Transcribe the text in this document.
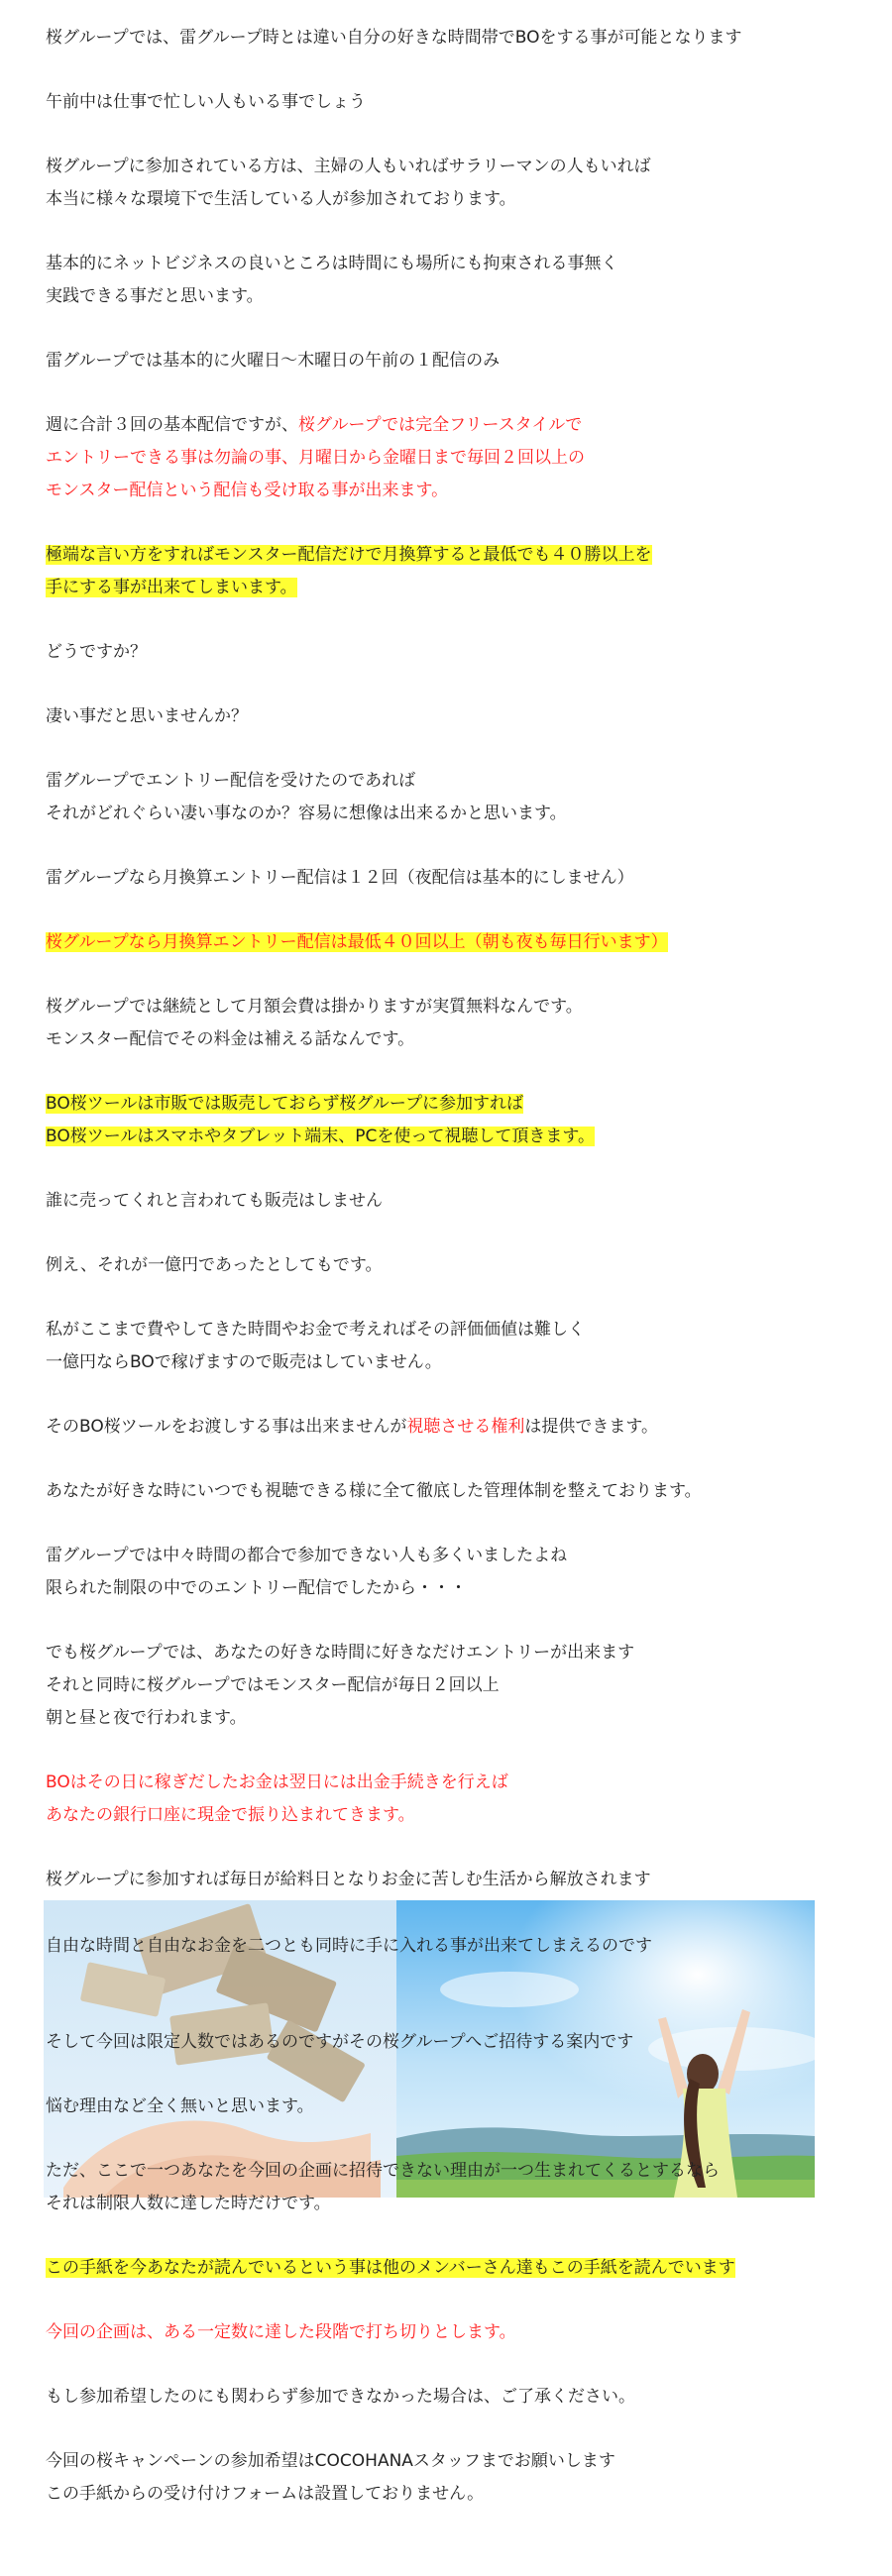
桜グループでは、雷グループ時とは違い自分の好きな時間帯でBOをする事が可能となります

午前中は仕事で忙しい人もいる事でしょう

桜グループに参加されている方は、主婦の人もいればサラリーマンの人もいれば
本当に様々な環境下で生活している人が参加されております。

基本的にネットビジネスの良いところは時間にも場所にも拘束される事無く
実践できる事だと思います。

雷グループでは基本的に火曜日〜木曜日の午前の１配信のみ

週に合計３回の基本配信ですが、桜グループでは完全フリースタイルで
エントリーできる事は勿論の事、月曜日から金曜日まで毎回２回以上の
モンスター配信という配信も受け取る事が出来ます。

極端な言い方をすればモンスター配信だけで月換算すると最低でも４０勝以上を
手にする事が出来てしまいます。

どうですか？

凄い事だと思いませんか？

雷グループでエントリー配信を受けたのであれば
それがどれぐらい凄い事なのか？容易に想像は出来るかと思います。

雷グループなら月換算エントリー配信は１２回（夜配信は基本的にしません）

桜グループなら月換算エントリー配信は最低４０回以上（朝も夜も毎日行います）

桜グループでは継続として月額会費は掛かりますが実質無料なんです。
モンスター配信でその料金は補える話なんです。

BO桜ツールは市販では販売しておらず桜グループに参加すれば
BO桜ツールはスマホやタブレット端末、PCを使って視聴して頂きます。

誰に売ってくれと言われても販売はしません

例え、それが一億円であったとしてもです。

私がここまで費やしてきた時間やお金で考えればその評価価値は難しく
一億円ならBOで稼げますので販売はしていません。

そのBO桜ツールをお渡しする事は出来ませんが視聴させる権利は提供できます。

あなたが好きな時にいつでも視聴できる様に全て徹底した管理体制を整えております。

雷グループでは中々時間の都合で参加できない人も多くいましたよね
限られた制限の中でのエントリー配信でしたから・・・

でも桜グループでは、あなたの好きな時間に好きなだけエントリーが出来ます
それと同時に桜グループではモンスター配信が毎日２回以上
朝と昼と夜で行われます。

BOはその日に稼ぎだしたお金は翌日には出金手続きを行えば
あなたの銀行口座に現金で振り込まれてきます。

桜グループに参加すれば毎日が給料日となりお金に苦しむ生活から解放されます

自由な時間と自由なお金を二つとも同時に手に入れる事が出来てしまえるのです

そして今回は限定人数ではあるのですがその桜グループへご招待する案内です

悩む理由など全く無いと思います。

ただ、ここで一つあなたを今回の企画に招待できない理由が一つ生まれてくるとするなら
それは制限人数に達した時だけです。

この手紙を今あなたが読んでいるという事は他のメンバーさん達もこの手紙を読んでいます

今回の企画は、ある一定数に達した段階で打ち切りとします。

もし参加希望したのにも関わらず参加できなかった場合は、ご了承ください。

今回の桜キャンペーンの参加希望はCOCOHANAスタッフまでお願いします
この手紙からの受け付けフォームは設置しておりません。
